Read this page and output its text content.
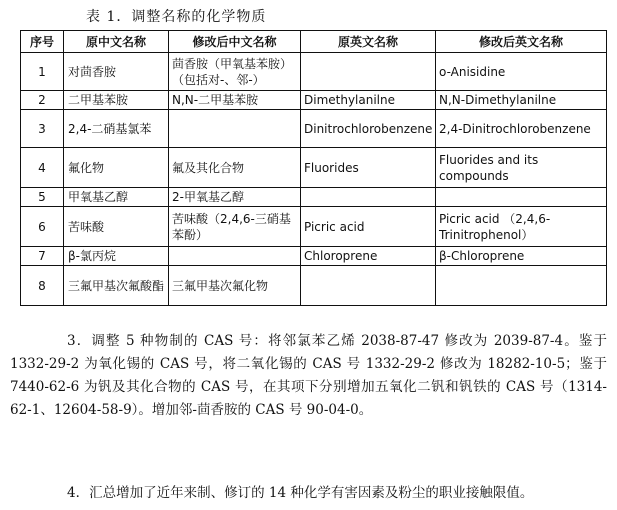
表 1．调整名称的化学物质
序号	原中文名称	修改后中文名称	原英文名称	修改后英文名称
1	对茴香胺	茴香胺（甲氧基苯胺）（包括对-、邻-）		o-Anisidine
2	二甲基苯胺	N,N-二甲基苯胺	Dimethylanilne	N,N-Dimethylanilne
3	2,4-二硝基氯苯		Dinitrochlorobenzene	2,4-Dinitrochlorobenzene
4	氟化物	氟及其化合物	Fluorides	Fluorides and its compounds
5	甲氧基乙醇	2-甲氧基乙醇		
6	苦味酸	苦味酸（2,4,6-三硝基苯酚）	Picric acid	Picric acid （2,4,6-Trinitrophenol）
7	β-氯丙烷		Chloroprene	β-Chloroprene
8	三氟甲基次氟酸酯	三氟甲基次氟化物		
3．调整 5 种物制的 CAS 号：将邻氯苯乙烯 2038-87-47 修改为 2039-87-4。鉴于 1332-29-2 为氧化锡的 CAS 号，将二氧化锡的 CAS 号 1332-29-2 修改为 18282-10-5；鉴于 7440-62-6 为钒及其化合物的 CAS 号，在其项下分别增加五氧化二钒和钒铁的 CAS 号（1314-62-1、12604-58-9）。增加邻-茴香胺的 CAS 号 90-04-0。
4．汇总增加了近年来制、修订的 14 种化学有害因素及粉尘的职业接触限值。
